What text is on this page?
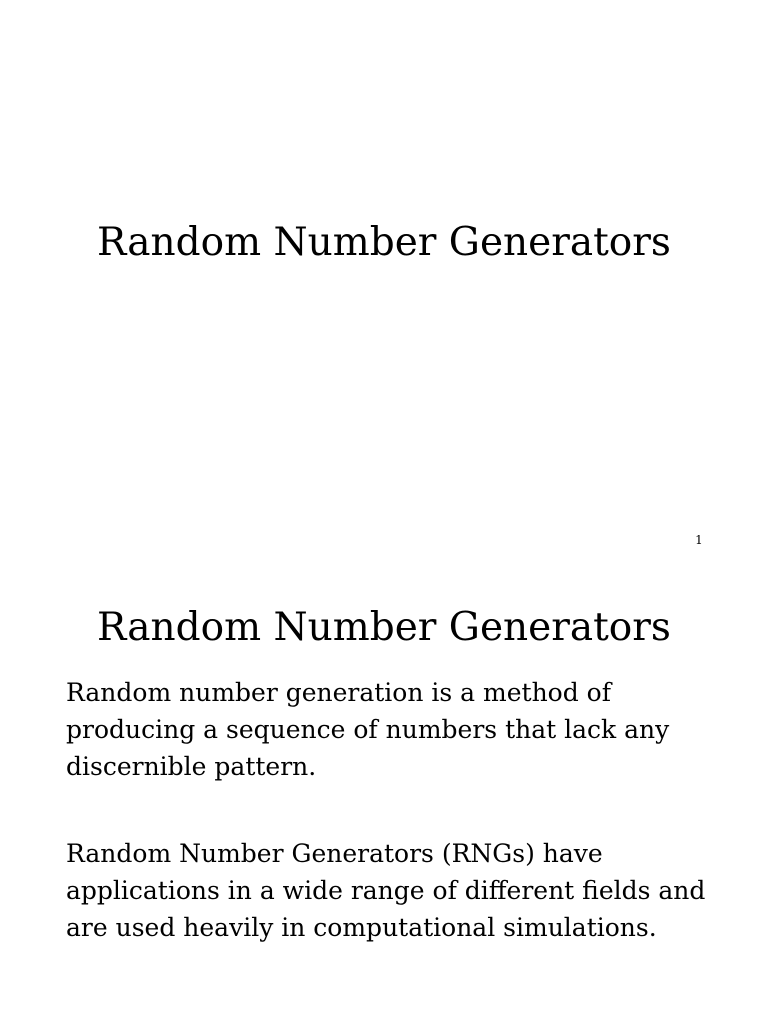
Random Number Generators
1
Random Number Generators

Random number generation is a method of producing a sequence of numbers that lack any discernible pattern.

Random Number Generators (RNGs) have applications in a wide range of different fields and are used heavily in computational simulations.
